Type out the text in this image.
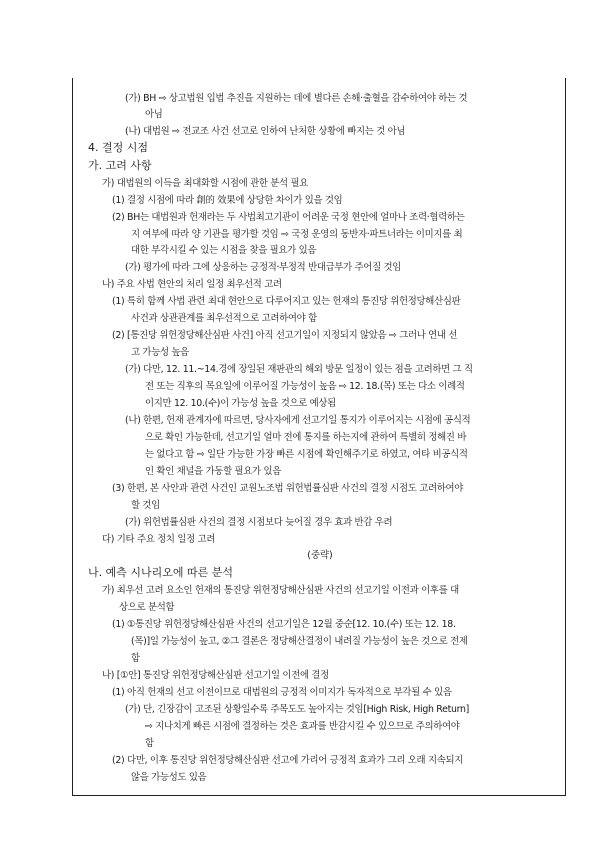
(가) BH ⇨ 상고법원 입법 추진을 지원하는 데에 별다른 손해·출혈을 감수하여야 하는 것
아님
(나) 대법원 ⇨ 전교조 사건 선고로 인하여 난처한 상황에 빠지는 것 아님
4. 결정 시점
가. 고려 사항
가) 대법원의 이득을 최대화할 시점에 관한 분석 필요
(1) 결정 시점에 따라 創的 效果에 상당한 차이가 있을 것임
(2) BH는 대법원과 헌재라는 두 사법최고기관이 어려운 국정 현안에 얼마나 조력·협력하는
지 여부에 따라 양 기관을 평가할 것임 ⇨ 국정 운영의 동반자·파트너라는 이미지를 최
대한 부각시킬 수 있는 시점을 찾을 필요가 있음
(가) 평가에 따라 그에 상응하는 긍정적·부정적 반대급부가 주어질 것임
나) 주요 사법 현안의 처리 일정 최우선적 고려
(1) 특히 함께 사법 관련 최대 현안으로 다루어지고 있는 헌재의 통진당 위헌정당해산심판
사건과 상관관계를 최우선적으로 고려하여야 함
(2) [통진당 위헌정당해산심판 사건] 아직 선고기일이 지정되지 않았음 ⇨ 그러나 연내 선
고 가능성 높음
(가) 다만, 12. 11.~14.경에 장일된 재판관의 해외 방문 일정이 있는 점을 고려하면 그 직
전 또는 직후의 목요일에 이루어질 가능성이 높음 ⇨ 12. 18.(목) 또는 다소 이례적
이지만 12. 10.(수)이 가능성 높을 것으로 예상됨
(나) 한편, 헌재 관계자에 따르면, 당사자에게 선고기일 통지가 이루어지는 시점에 공식적
으로 확인 가능한데, 선고기일 얼마 전에 통지를 하는지에 관하여 특별히 정해진 바
는 없다고 함 ⇨ 일단 가능한 가장 빠른 시점에 확인해주기로 하였고, 여타 비공식적
인 확인 채널을 가동할 필요가 있음
(3) 한편, 본 사안과 관련 사건인 교원노조법 위헌법률심판 사건의 결정 시점도 고려하여야
할 것임
(가) 위헌법률심판 사건의 결정 시점보다 늦어질 경우 효과 반감 우려
다) 기타 주요 정치 일정 고려
(중략)
나. 예측 시나리오에 따른 분석
가) 최우선 고려 요소인 헌재의 통진당 위헌정당해산심판 사건의 선고기일 이전과 이후를 대
상으로 분석함
(1) ①통진당 위헌정당해산심판 사건의 선고기일은 12월 중순[12. 10.(수) 또는 12. 18.
(목)]일 가능성이 높고, ②그 결론은 정당해산결정이 내려질 가능성이 높은 것으로 전제
함
나) [①안] 통진당 위헌정당해산심판 선고기일 이전에 결정
(1) 아직 헌재의 선고 이전이므로 대법원의 긍정적 이미지가 독자적으로 부각될 수 있음
(가) 단, 긴장감이 고조된 상황일수록 주목도도 높아지는 것임[High Risk, High Return]
⇨ 지나치게 빠른 시점에 결정하는 것은 효과를 반감시킬 수 있으므로 주의하여야
함
(2) 다만, 이후 통진당 위헌정당해산심판 선고에 가리어 긍정적 효과가 그리 오래 지속되지
않을 가능성도 있음
